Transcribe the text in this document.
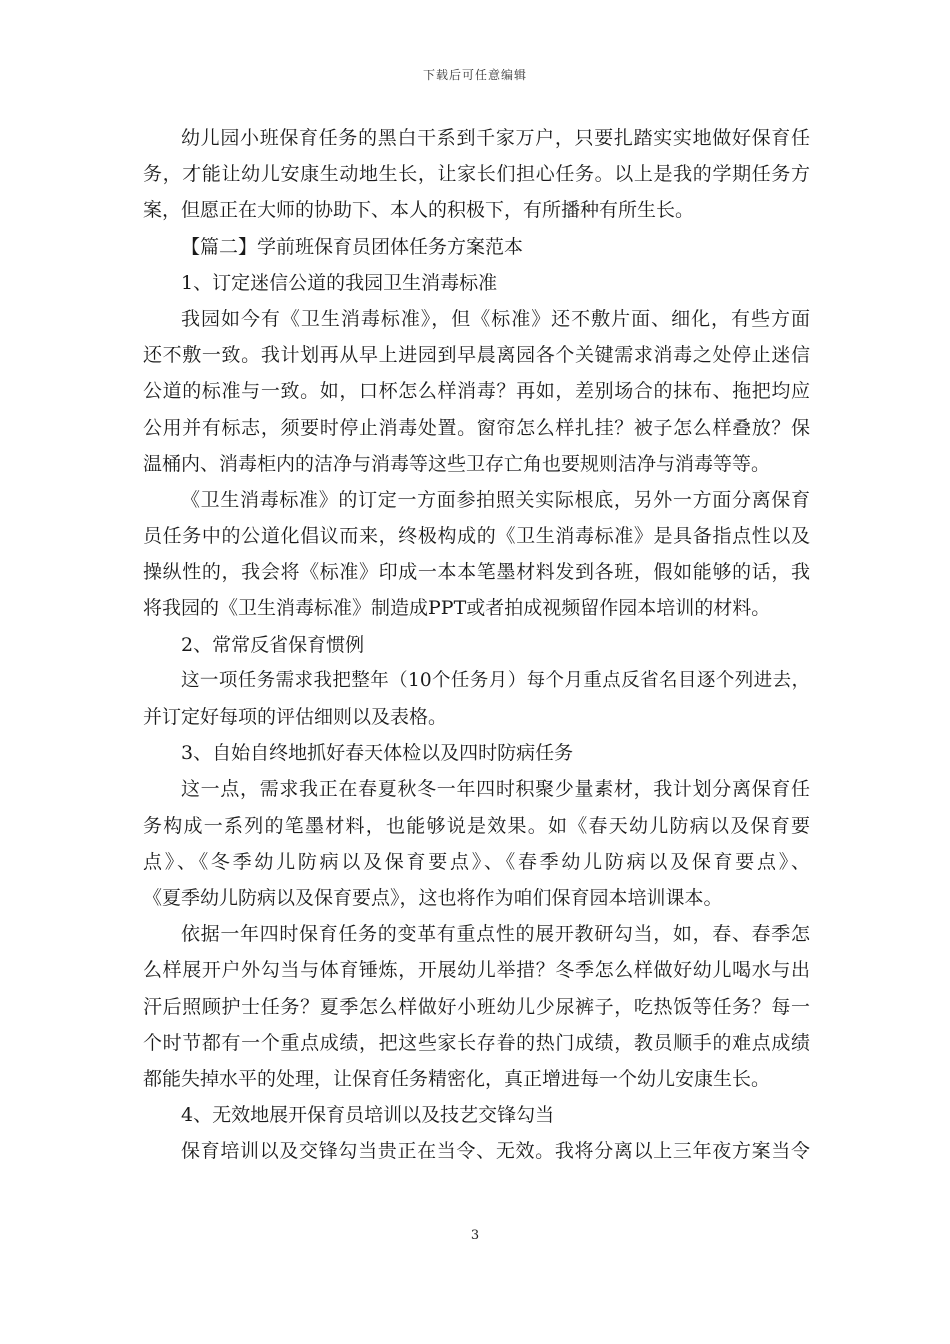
下载后可任意编辑
幼儿园小班保育任务的黑白干系到千家万户，只要扎踏实实地做好保育任
务，才能让幼儿安康生动地生长，让家长们担心任务。以上是我的学期任务方
案，但愿正在大师的协助下、本人的积极下，有所播种有所生长。
【篇二】学前班保育员团体任务方案范本
1、订定迷信公道的我园卫生消毒标准
我园如今有《卫生消毒标准》，但《标准》还不敷片面、细化，有些方面
还不敷一致。我计划再从早上进园到早晨离园各个关键需求消毒之处停止迷信
公道的标准与一致。如，口杯怎么样消毒？再如，差别场合的抹布、拖把均应
公用并有标志，须要时停止消毒处置。窗帘怎么样扎挂？被子怎么样叠放？保
温桶内、消毒柜内的洁净与消毒等这些卫存亡角也要规则洁净与消毒等等。
《卫生消毒标准》的订定一方面参拍照关实际根底，另外一方面分离保育
员任务中的公道化倡议而来，终极构成的《卫生消毒标准》是具备指点性以及
操纵性的，我会将《标准》印成一本本笔墨材料发到各班，假如能够的话，我
将我园的《卫生消毒标准》制造成PPT或者拍成视频留作园本培训的材料。
2、常常反省保育惯例
这一项任务需求我把整年（10个任务月）每个月重点反省名目逐个列进去，
并订定好每项的评估细则以及表格。
3、自始自终地抓好春天体检以及四时防病任务
这一点，需求我正在春夏秋冬一年四时积聚少量素材，我计划分离保育任
务构成一系列的笔墨材料，也能够说是效果。如《春天幼儿防病以及保育要
点》、《冬季幼儿防病以及保育要点》、《春季幼儿防病以及保育要点》、
《夏季幼儿防病以及保育要点》，这也将作为咱们保育园本培训课本。
依据一年四时保育任务的变革有重点性的展开教研勾当，如，春、春季怎
么样展开户外勾当与体育锤炼，开展幼儿举措？冬季怎么样做好幼儿喝水与出
汗后照顾护士任务？夏季怎么样做好小班幼儿少尿裤子，吃热饭等任务？每一
个时节都有一个重点成绩，把这些家长存眷的热门成绩，教员顺手的难点成绩
都能失掉水平的处理，让保育任务精密化，真正增进每一个幼儿安康生长。
4、无效地展开保育员培训以及技艺交锋勾当
保育培训以及交锋勾当贵正在当令、无效。我将分离以上三年夜方案当令
3
